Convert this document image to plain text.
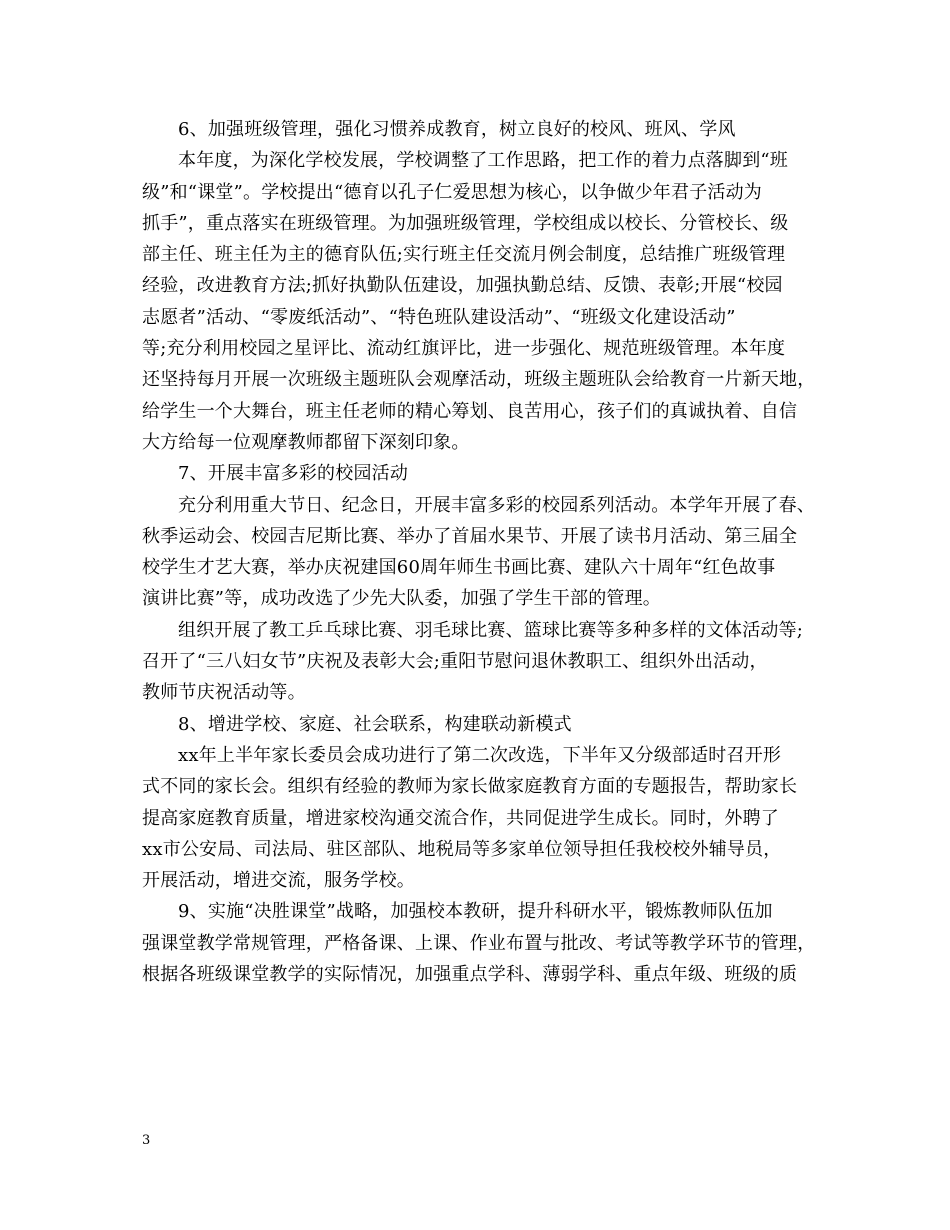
6、加强班级管理，强化习惯养成教育，树立良好的校风、班风、学风
本年度，为深化学校发展，学校调整了工作思路，把工作的着力点落脚到“班
级”和“课堂”。学校提出“德育以孔子仁爱思想为核心，以争做少年君子活动为
抓手”，重点落实在班级管理。为加强班级管理，学校组成以校长、分管校长、级
部主任、班主任为主的德育队伍;实行班主任交流月例会制度，总结推广班级管理
经验，改进教育方法;抓好执勤队伍建设，加强执勤总结、反馈、表彰;开展“校园
志愿者”活动、“零废纸活动”、“特色班队建设活动”、“班级文化建设活动”
等;充分利用校园之星评比、流动红旗评比，进一步强化、规范班级管理。本年度
还坚持每月开展一次班级主题班队会观摩活动，班级主题班队会给教育一片新天地，
给学生一个大舞台，班主任老师的精心筹划、良苦用心，孩子们的真诚执着、自信
大方给每一位观摩教师都留下深刻印象。
7、开展丰富多彩的校园活动
充分利用重大节日、纪念日，开展丰富多彩的校园系列活动。本学年开展了春、
秋季运动会、校园吉尼斯比赛、举办了首届水果节、开展了读书月活动、第三届全
校学生才艺大赛，举办庆祝建国60周年师生书画比赛、建队六十周年“红色故事
演讲比赛”等，成功改选了少先大队委，加强了学生干部的管理。
组织开展了教工乒乓球比赛、羽毛球比赛、篮球比赛等多种多样的文体活动等;
召开了“三八妇女节”庆祝及表彰大会;重阳节慰问退休教职工、组织外出活动，
教师节庆祝活动等。
8、增进学校、家庭、社会联系，构建联动新模式
xx年上半年家长委员会成功进行了第二次改选，下半年又分级部适时召开形
式不同的家长会。组织有经验的教师为家长做家庭教育方面的专题报告，帮助家长
提高家庭教育质量，增进家校沟通交流合作，共同促进学生成长。同时，外聘了
xx市公安局、司法局、驻区部队、地税局等多家单位领导担任我校校外辅导员，
开展活动，增进交流，服务学校。
9、实施“决胜课堂”战略，加强校本教研，提升科研水平，锻炼教师队伍加
强课堂教学常规管理，严格备课、上课、作业布置与批改、考试等教学环节的管理，
根据各班级课堂教学的实际情况，加强重点学科、薄弱学科、重点年级、班级的质
3
